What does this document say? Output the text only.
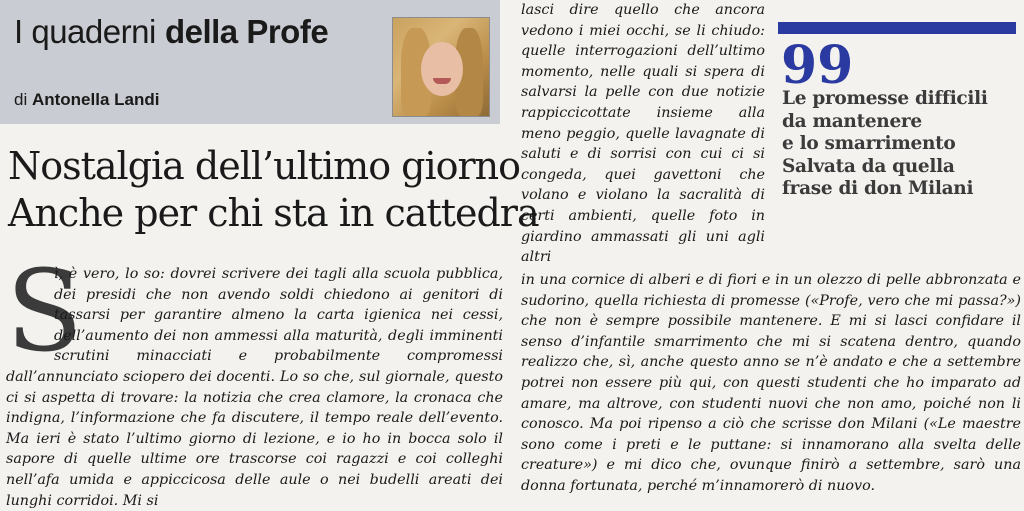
I quaderni della Profe
di Antonella Landi
Nostalgia dell’ultimo giorno
Anche per chi sta in cattedra
S

ì, è vero, lo so: dovrei scrivere dei tagli alla scuola pubblica, dei presidi che non avendo soldi chiedono ai genitori di tassarsi per garantire almeno la carta igienica nei cessi, dell’aumento dei non ammessi alla maturità, degli imminenti scrutini minacciati e probabilmente compromessi dall’annunciato sciopero dei docenti. Lo so che, sul giornale, questo ci si aspetta di trovare: la notizia che crea clamore, la cronaca che indigna, l’informazione che fa discutere, il tempo reale dell’evento. Ma ieri è stato l’ultimo giorno di lezione, e io ho in bocca solo il sapore di quelle ultime ore trascorse coi ragazzi e coi colleghi nell’afa umida e appiccicosa delle aule o nei budelli areati dei lunghi corridoi. Mi si

lasci dire quello che ancora vedono i miei occhi, se li chiudo: quelle interrogazioni dell’ultimo momento, nelle quali si spera di salvarsi la pelle con due notizie rappiccicottate insieme alla meno peggio, quelle lavagnate di saluti e di sorrisi con cui ci si congeda, quei gavettoni che volano e violano la sacralità di certi ambienti, quelle foto in giardino ammassati gli uni agli altri

99
Le promesse difficili
da mantenere
e lo smarrimento
Salvata da quella
frase di don Milani

in una cornice di alberi e di fiori e in un olezzo di pelle abbronzata e sudorino, quella richiesta di promesse («Profe, vero che mi passa?») che non è sempre possibile mantenere. E mi si lasci confidare il senso d’infantile smarrimento che mi si scatena dentro, quando realizzo che, sì, anche questo anno se n’è andato e che a settembre potrei non essere più qui, con questi studenti che ho imparato ad amare, ma altrove, con studenti nuovi che non amo, poiché non li conosco. Ma poi ripenso a ciò che scrisse don Milani («Le maestre sono come i preti e le puttane: si innamorano alla svelta delle creature») e mi dico che, ovunque finirò a settembre, sarò una donna fortunata, perché m’innamorerò di nuovo.
